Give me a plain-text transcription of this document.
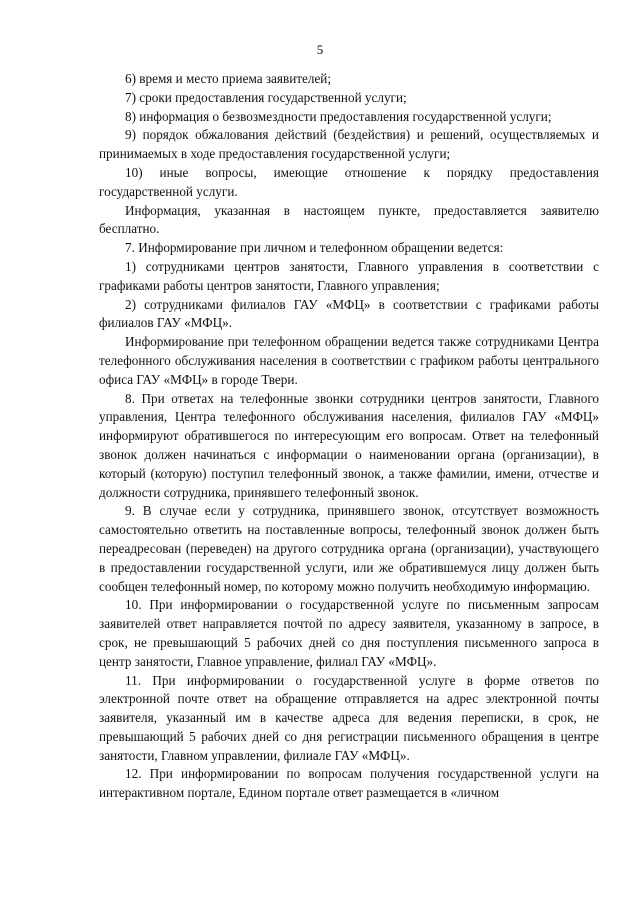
5

6) время и место приема заявителей;

7) сроки предоставления государственной услуги;

8) информация о безвозмездности предоставления государственной услуги;

9) порядок обжалования действий (бездействия) и решений, осуществляемых и принимаемых в ходе предоставления государственной услуги;

10) иные вопросы, имеющие отношение к порядку предоставления государственной услуги.

Информация, указанная в настоящем пункте, предоставляется заявителю бесплатно.

7. Информирование при личном и телефонном обращении ведется:

1) сотрудниками центров занятости, Главного управления в соответствии с графиками работы центров занятости, Главного управления;

2) сотрудниками филиалов ГАУ «МФЦ» в соответствии с графиками работы филиалов ГАУ «МФЦ».

Информирование при телефонном обращении ведется также сотрудниками Центра телефонного обслуживания населения в соответствии с графиком работы центрального офиса ГАУ «МФЦ» в городе Твери.

8. При ответах на телефонные звонки сотрудники центров занятости, Главного управления, Центра телефонного обслуживания населения, филиалов ГАУ «МФЦ» информируют обратившегося по интересующим его вопросам. Ответ на телефонный звонок должен начинаться с информации о наименовании органа (организации), в который (которую) поступил телефонный звонок, а также фамилии, имени, отчестве и должности сотрудника, принявшего телефонный звонок.

9. В случае если у сотрудника, принявшего звонок, отсутствует возможность самостоятельно ответить на поставленные вопросы, телефонный звонок должен быть переадресован (переведен) на другого сотрудника органа (организации), участвующего в предоставлении государственной услуги, или же обратившемуся лицу должен быть сообщен телефонный номер, по которому можно получить необходимую информацию.

10. При информировании о государственной услуге по письменным запросам заявителей ответ направляется почтой по адресу заявителя, указанному в запросе, в срок, не превышающий 5 рабочих дней со дня поступления письменного запроса в центр занятости, Главное управление, филиал ГАУ «МФЦ».

11. При информировании о государственной услуге в форме ответов по электронной почте ответ на обращение отправляется на адрес электронной почты заявителя, указанный им в качестве адреса для ведения переписки, в срок, не превышающий 5 рабочих дней со дня регистрации письменного обращения в центре занятости, Главном управлении, филиале ГАУ «МФЦ».

12. При информировании по вопросам получения государственной услуги на интерактивном портале, Едином портале ответ размещается в «личном
